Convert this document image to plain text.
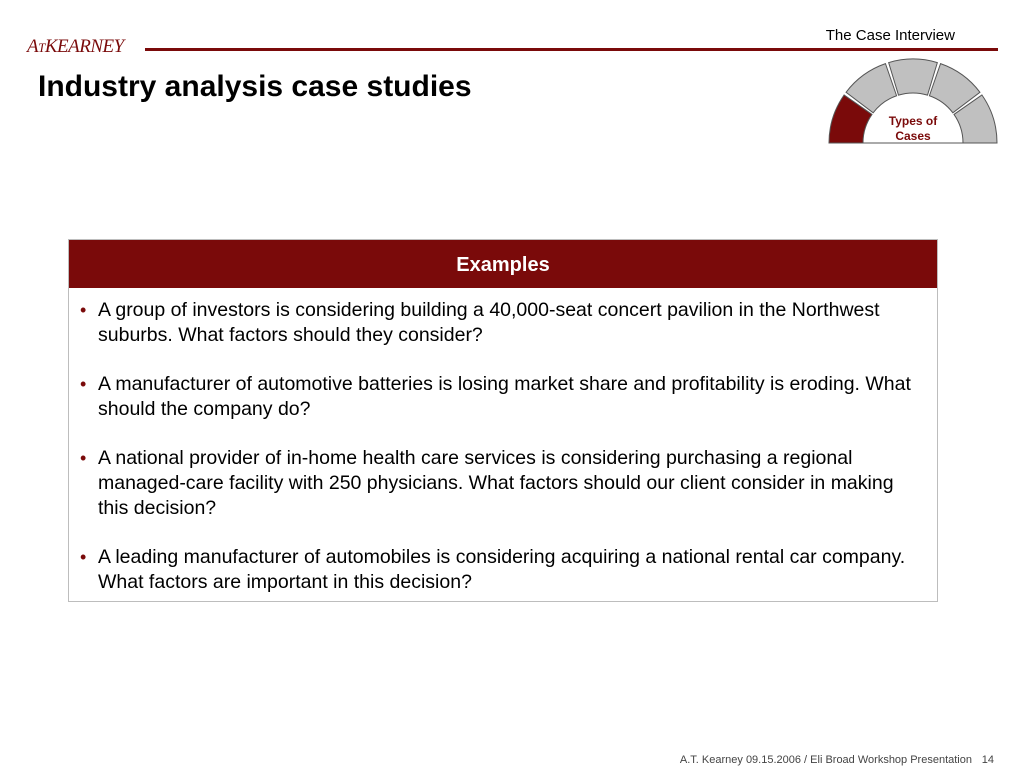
ATKEARNEY
The Case Interview
Industry analysis case studies
Types of Cases
Examples
• A group of investors is considering building a 40,000-seat concert pavilion in the Northwest suburbs. What factors should they consider?
• A manufacturer of automotive batteries is losing market share and profitability is eroding. What should the company do?
• A national provider of in-home health care services is considering purchasing a regional managed-care facility with 250 physicians. What factors should our client consider in making this decision?
• A leading manufacturer of automobiles is considering acquiring a national rental car company. What factors are important in this decision?
A.T. Kearney 09.15.2006 / Eli Broad Workshop Presentation 14
